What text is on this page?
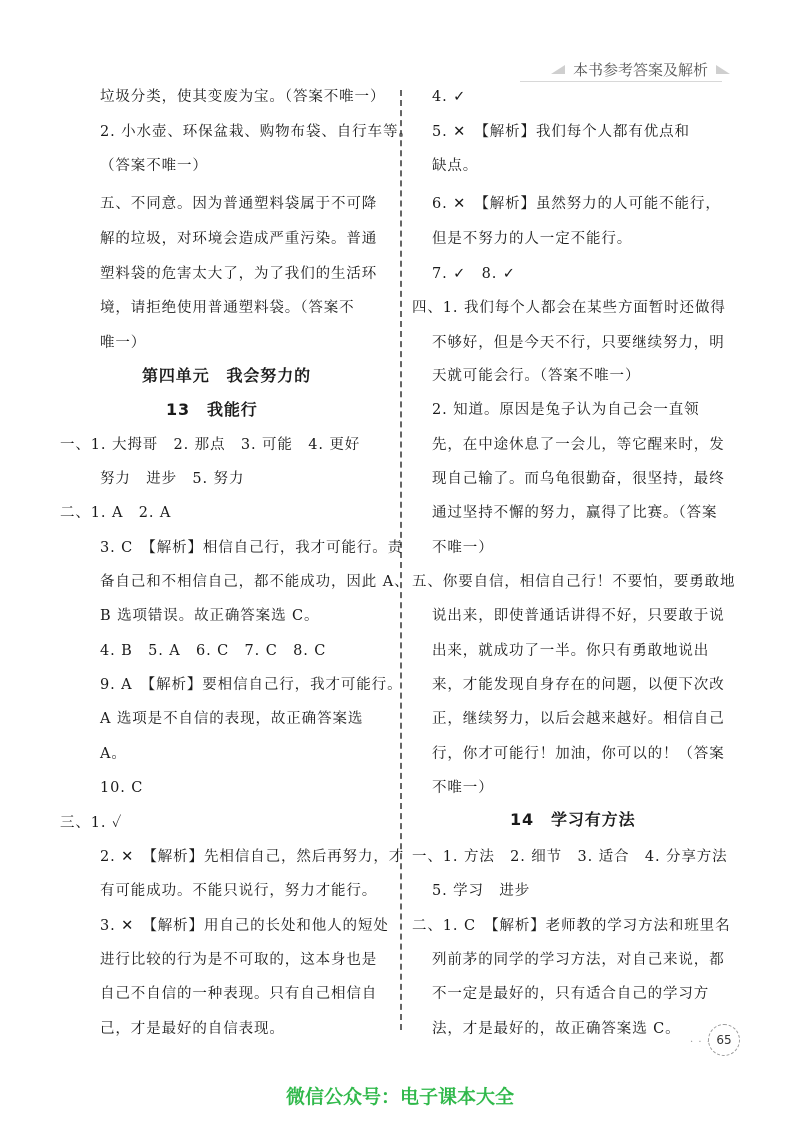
本书参考答案及解析
垃圾分类，使其变废为宝。（答案不唯一）
2. 小水壶、环保盆栽、购物布袋、自行车等。
（答案不唯一）
五、不同意。因为普通塑料袋属于不可降
解的垃圾，对环境会造成严重污染。普通
塑料袋的危害太大了，为了我们的生活环
境，请拒绝使用普通塑料袋。（答案不
唯一）
第四单元　我会努力的
13　我能行
一、1. 大拇哥　2. 那点　3. 可能　4. 更好
努力　进步　5. 努力
二、1. A　2. A
3. C　【解析】相信自己行，我才可能行。责
备自己和不相信自己，都不能成功，因此 A、
B 选项错误。故正确答案选 C。
4. B　5. A　6. C　7. C　8. C
9. A　【解析】要相信自己行，我才可能行。
A 选项是不自信的表现，故正确答案选
A。
10. C
三、1. ✓
2. ✕　【解析】先相信自己，然后再努力，才
有可能成功。不能只说行，努力才能行。
3. ✕　【解析】用自己的长处和他人的短处
进行比较的行为是不可取的，这本身也是
自己不自信的一种表现。只有自己相信自
己，才是最好的自信表现。
4. ✓
5. ✕　【解析】我们每个人都有优点和
缺点。
6. ✕　【解析】虽然努力的人可能不能行，
但是不努力的人一定不能行。
7. ✓　8. ✓
四、1. 我们每个人都会在某些方面暂时还做得
不够好，但是今天不行，只要继续努力，明
天就可能会行。（答案不唯一）
2. 知道。原因是兔子认为自己会一直领
先，在中途休息了一会儿，等它醒来时，发
现自己输了。而乌龟很勤奋，很坚持，最终
通过坚持不懈的努力，赢得了比赛。（答案
不唯一）
五、你要自信，相信自己行！不要怕，要勇敢地
说出来，即使普通话讲得不好，只要敢于说
出来，就成功了一半。你只有勇敢地说出
来，才能发现自身存在的问题，以便下次改
正，继续努力，以后会越来越好。相信自己
行，你才可能行！加油，你可以的！（答案
不唯一）
14　学习有方法
一、1. 方法　2. 细节　3. 适合　4. 分享方法
5. 学习　进步
二、1. C　【解析】老师教的学习方法和班里名
列前茅的同学的学习方法，对自己来说，都
不一定是最好的，只有适合自己的学习方
法，才是最好的，故正确答案选 C。
· · · 65
微信公众号：电子课本大全
